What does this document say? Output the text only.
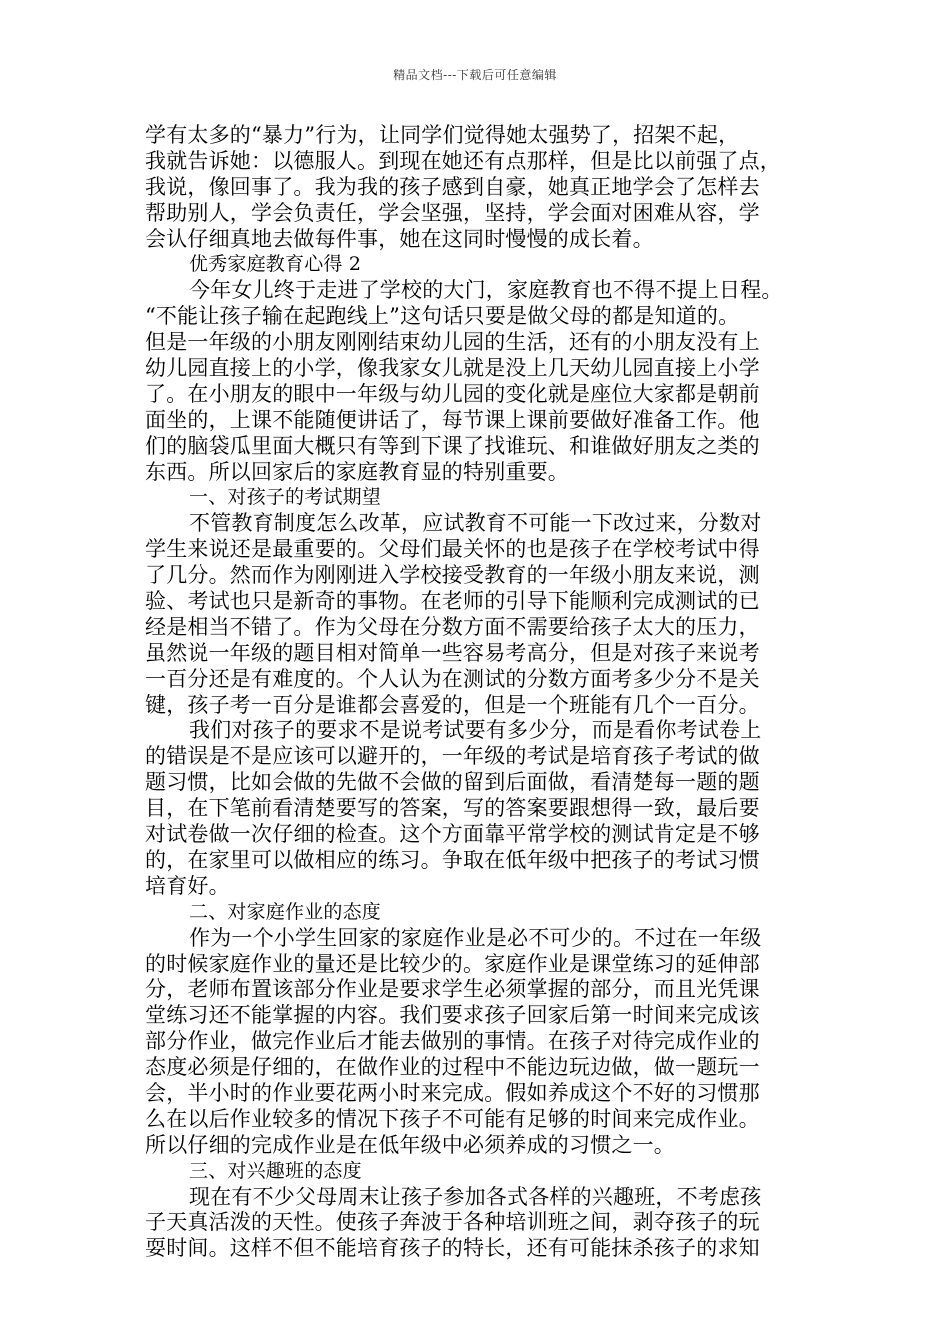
精品文档---下载后可任意编辑
学有太多的“暴力”行为，让同学们觉得她太强势了，招架不起，
我就告诉她：以德服人。到现在她还有点那样，但是比以前强了点，
我说，像回事了。我为我的孩子感到自豪，她真正地学会了怎样去
帮助别人，学会负责任，学会坚强，坚持，学会面对困难从容，学
会认仔细真地去做每件事，她在这同时慢慢的成长着。
优秀家庭教育心得 2
今年女儿终于走进了学校的大门，家庭教育也不得不提上日程。
“不能让孩子输在起跑线上”这句话只要是做父母的都是知道的。
但是一年级的小朋友刚刚结束幼儿园的生活，还有的小朋友没有上
幼儿园直接上的小学，像我家女儿就是没上几天幼儿园直接上小学
了。在小朋友的眼中一年级与幼儿园的变化就是座位大家都是朝前
面坐的，上课不能随便讲话了，每节课上课前要做好准备工作。他
们的脑袋瓜里面大概只有等到下课了找谁玩、和谁做好朋友之类的
东西。所以回家后的家庭教育显的特别重要。
一、对孩子的考试期望
不管教育制度怎么改革，应试教育不可能一下改过来，分数对
学生来说还是最重要的。父母们最关怀的也是孩子在学校考试中得
了几分。然而作为刚刚进入学校接受教育的一年级小朋友来说，测
验、考试也只是新奇的事物。在老师的引导下能顺利完成测试的已
经是相当不错了。作为父母在分数方面不需要给孩子太大的压力，
虽然说一年级的题目相对简单一些容易考高分，但是对孩子来说考
一百分还是有难度的。个人认为在测试的分数方面考多少分不是关
键，孩子考一百分是谁都会喜爱的，但是一个班能有几个一百分。
我们对孩子的要求不是说考试要有多少分，而是看你考试卷上
的错误是不是应该可以避开的，一年级的考试是培育孩子考试的做
题习惯，比如会做的先做不会做的留到后面做，看清楚每一题的题
目，在下笔前看清楚要写的答案，写的答案要跟想得一致，最后要
对试卷做一次仔细的检查。这个方面靠平常学校的测试肯定是不够
的，在家里可以做相应的练习。争取在低年级中把孩子的考试习惯
培育好。
二、对家庭作业的态度
作为一个小学生回家的家庭作业是必不可少的。不过在一年级
的时候家庭作业的量还是比较少的。家庭作业是课堂练习的延伸部
分，老师布置该部分作业是要求学生必须掌握的部分，而且光凭课
堂练习还不能掌握的内容。我们要求孩子回家后第一时间来完成该
部分作业，做完作业后才能去做别的事情。在孩子对待完成作业的
态度必须是仔细的，在做作业的过程中不能边玩边做，做一题玩一
会，半小时的作业要花两小时来完成。假如养成这个不好的习惯那
么在以后作业较多的情况下孩子不可能有足够的时间来完成作业。
所以仔细的完成作业是在低年级中必须养成的习惯之一。
三、对兴趣班的态度
现在有不少父母周末让孩子参加各式各样的兴趣班，不考虑孩
子天真活泼的天性。使孩子奔波于各种培训班之间，剥夺孩子的玩
耍时间。这样不但不能培育孩子的特长，还有可能抹杀孩子的求知
